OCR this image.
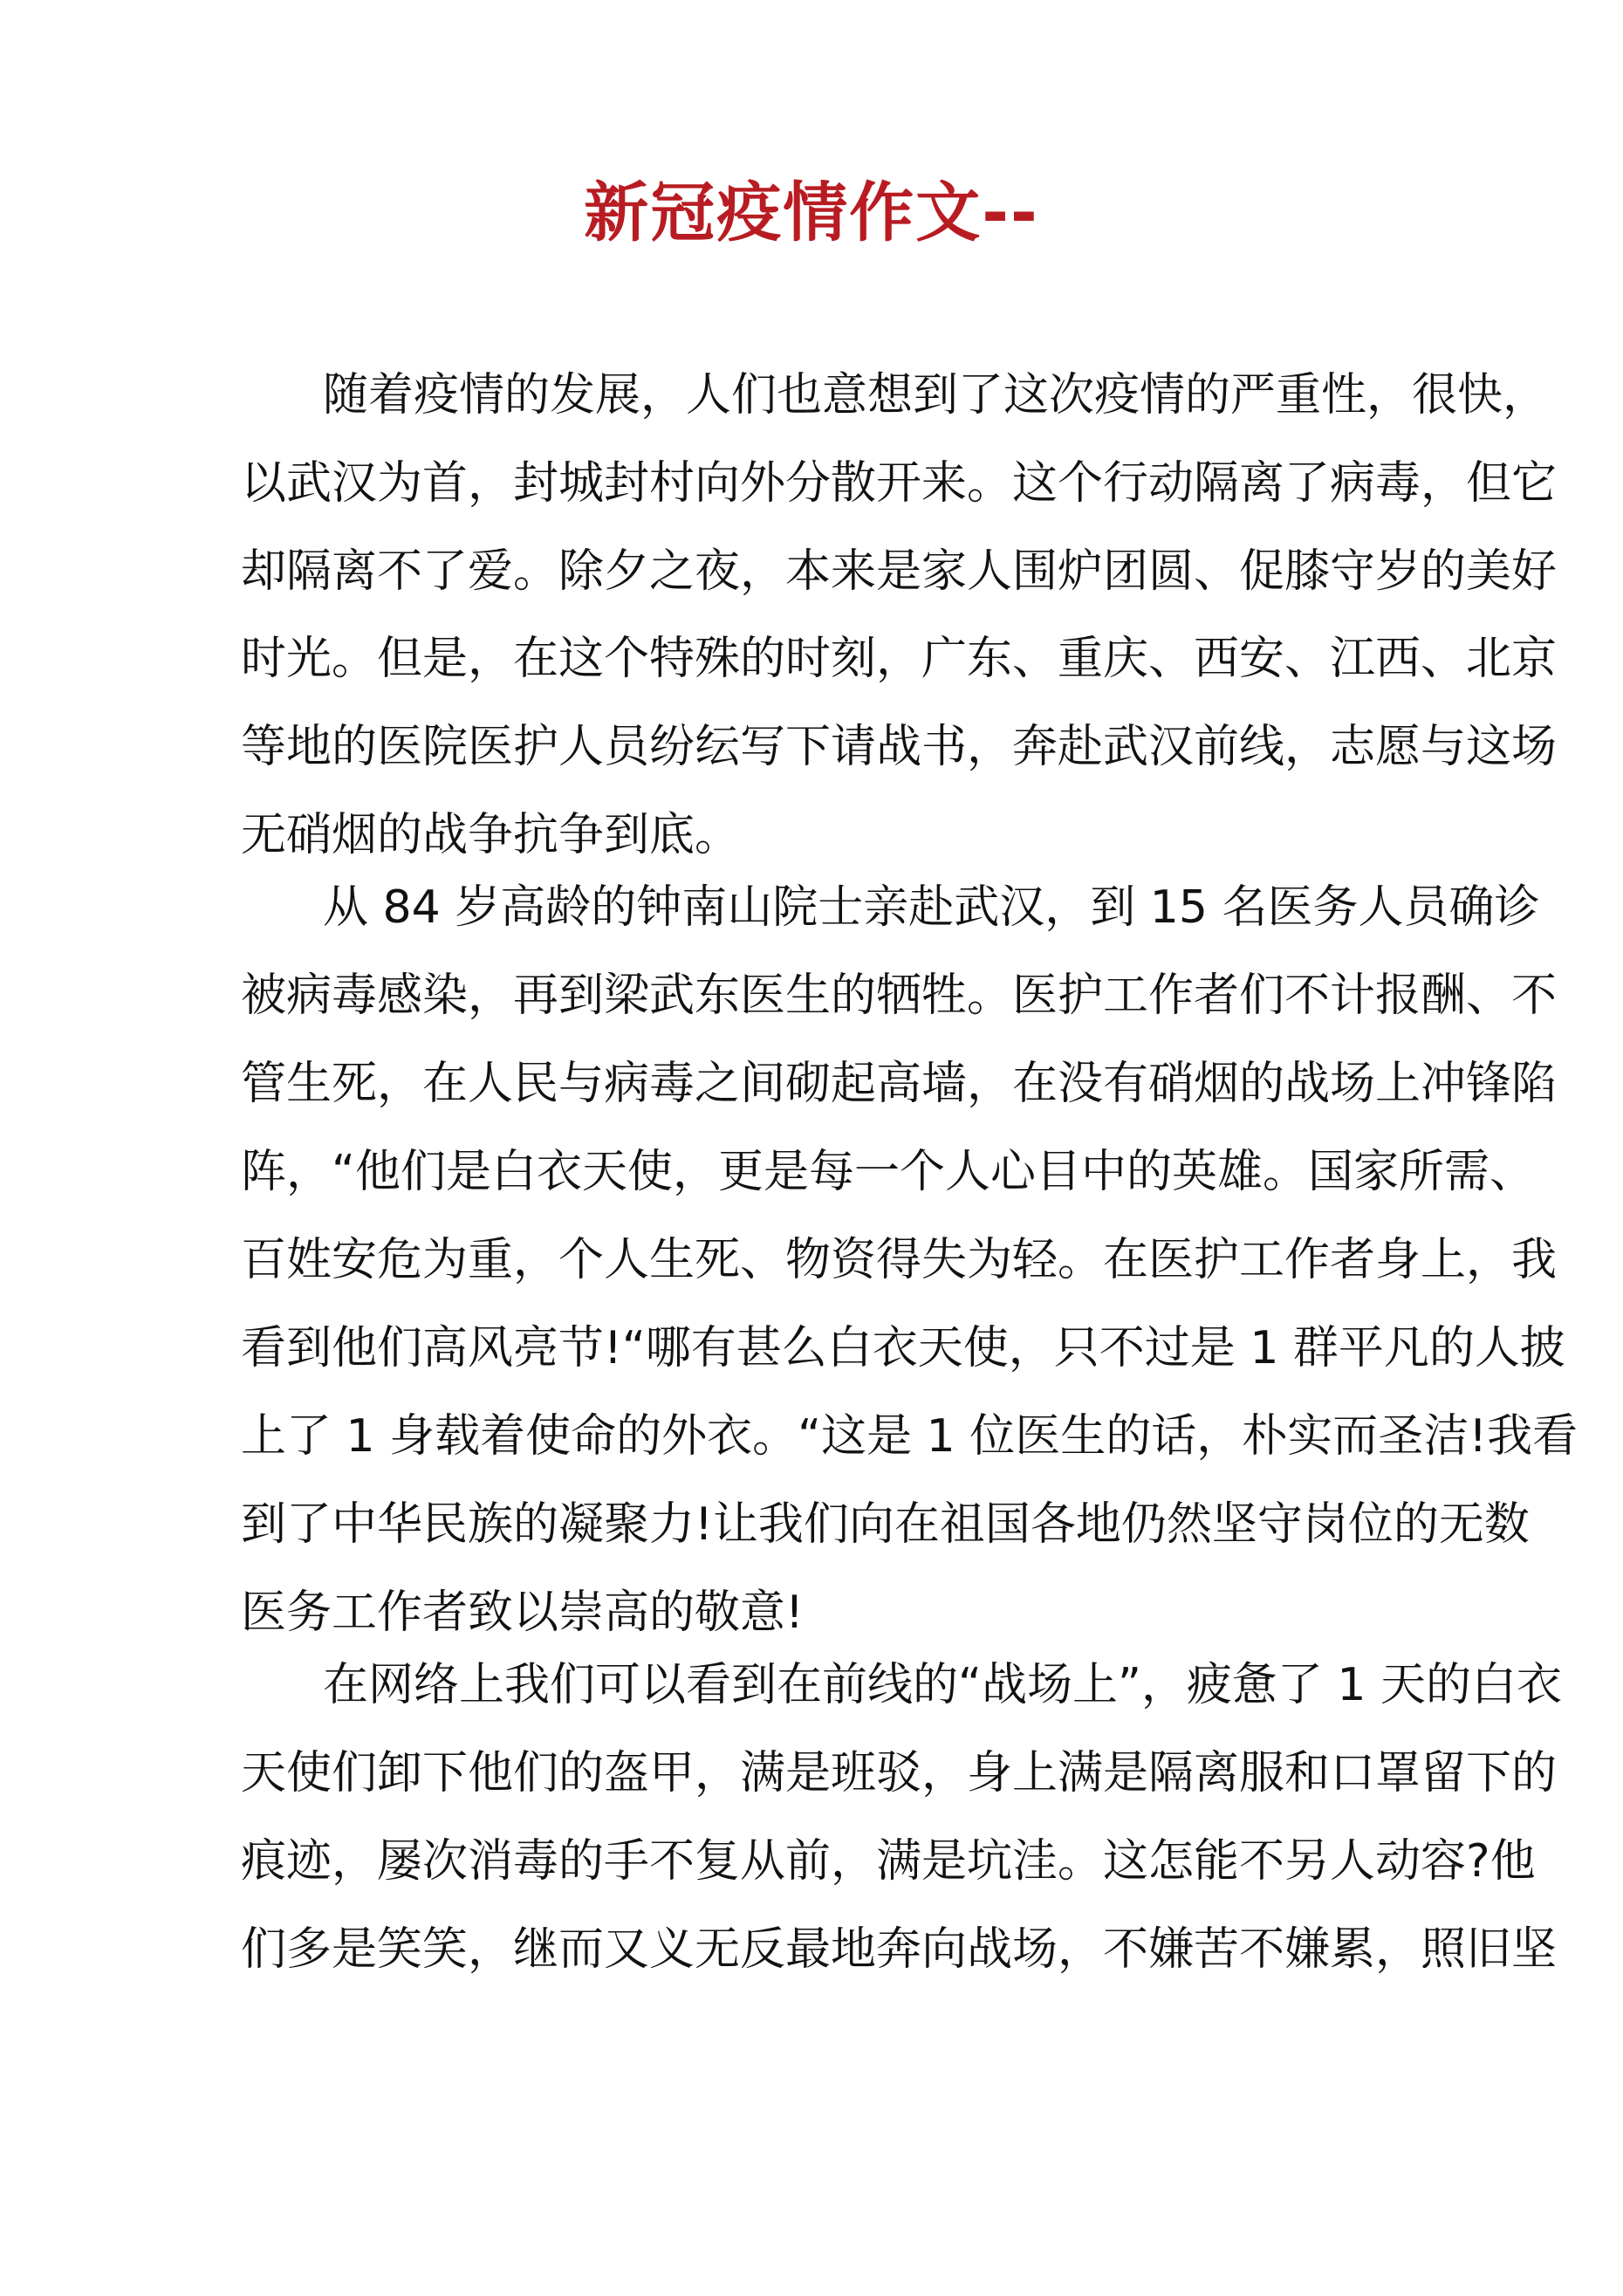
新冠疫情作文--
随着疫情的发展，人们也意想到了这次疫情的严重性，很快，
以武汉为首，封城封村向外分散开来。这个行动隔离了病毒，但它
却隔离不了爱。除夕之夜，本来是家人围炉团圆、促膝守岁的美好
时光。但是，在这个特殊的时刻，广东、重庆、西安、江西、北京
等地的医院医护人员纷纭写下请战书，奔赴武汉前线，志愿与这场
无硝烟的战争抗争到底。
从 84 岁高龄的钟南山院士亲赴武汉，到 15 名医务人员确诊
被病毒感染，再到梁武东医生的牺牲。医护工作者们不计报酬、不
管生死，在人民与病毒之间砌起高墙，在没有硝烟的战场上冲锋陷
阵，“他们是白衣天使，更是每一个人心目中的英雄。国家所需、
百姓安危为重，个人生死、物资得失为轻。在医护工作者身上，我
看到他们高风亮节!“哪有甚么白衣天使，只不过是 1 群平凡的人披
上了 1 身载着使命的外衣。“这是 1 位医生的话，朴实而圣洁!我看
到了中华民族的凝聚力!让我们向在祖国各地仍然坚守岗位的无数
医务工作者致以崇高的敬意!
在网络上我们可以看到在前线的“战场上”，疲惫了 1 天的白衣
天使们卸下他们的盔甲，满是班驳，身上满是隔离服和口罩留下的
痕迹，屡次消毒的手不复从前，满是坑洼。这怎能不另人动容?他
们多是笑笑，继而又义无反最地奔向战场，不嫌苦不嫌累，照旧坚
